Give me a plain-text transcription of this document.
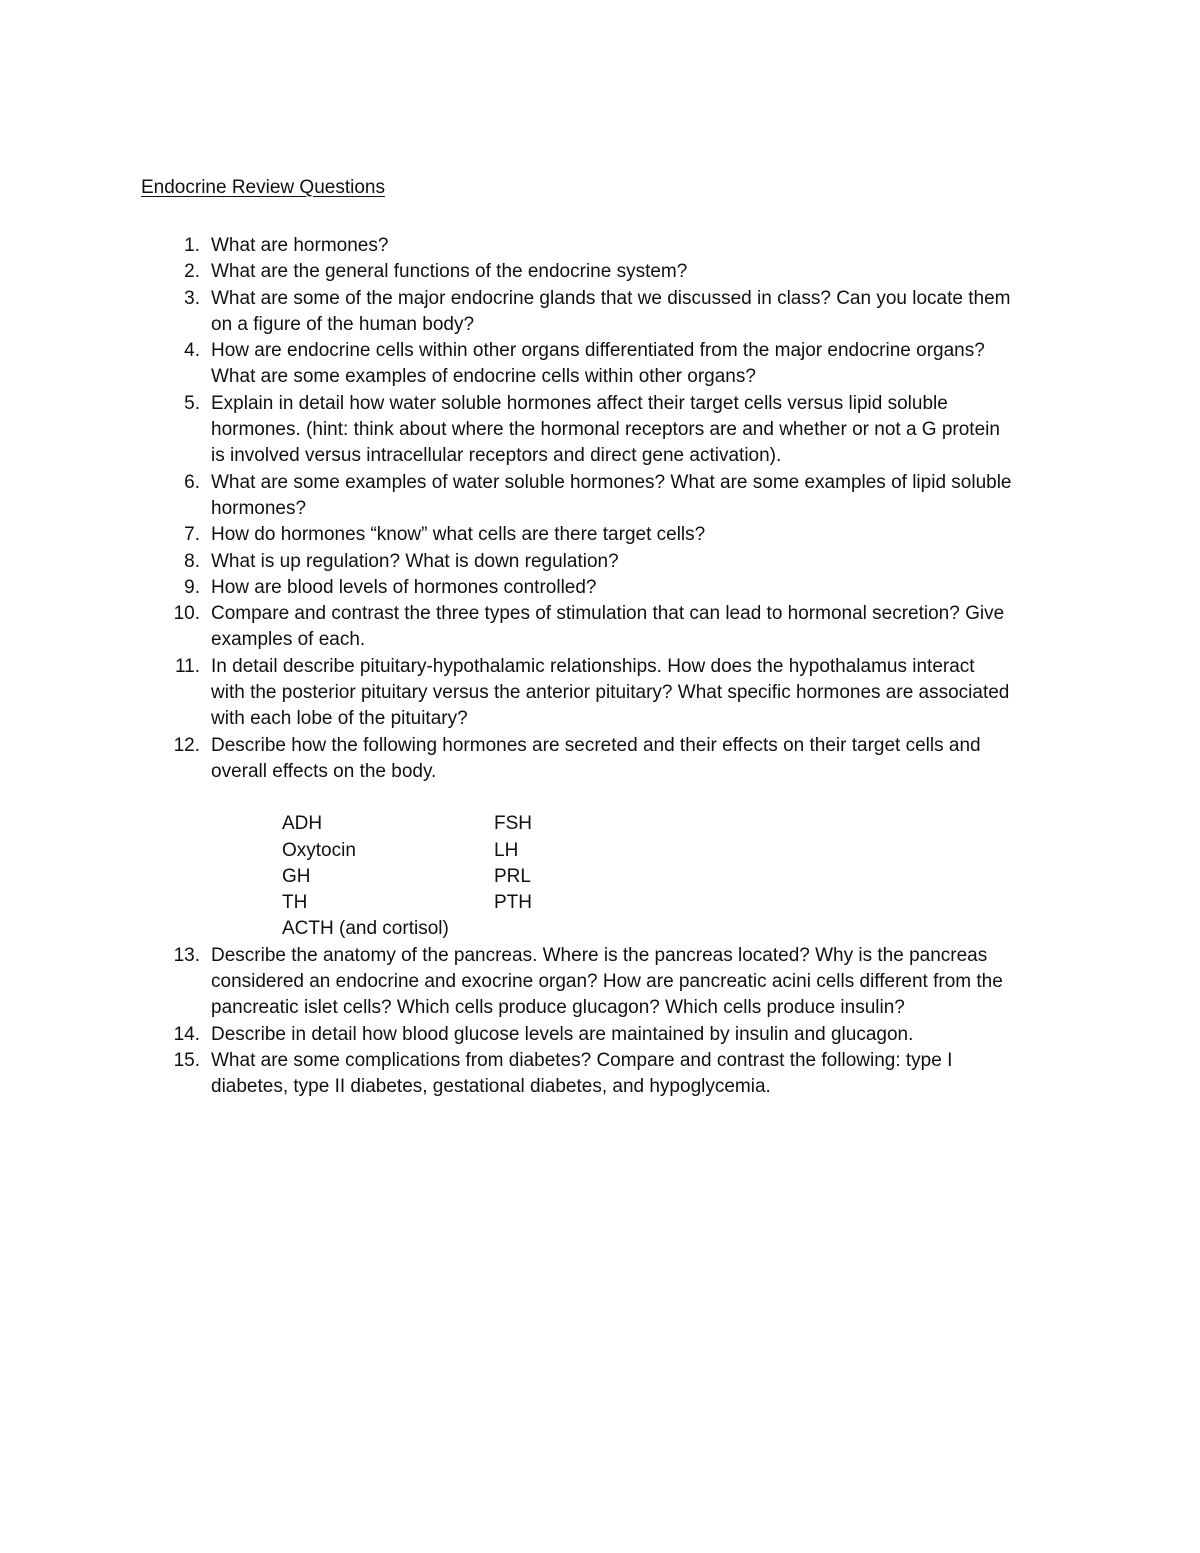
Endocrine Review Questions
1. What are hormones?
2. What are the general functions of the endocrine system?
3. What are some of the major endocrine glands that we discussed in class? Can you locate them
on a figure of the human body?
4. How are endocrine cells within other organs differentiated from the major endocrine organs?
What are some examples of endocrine cells within other organs?
5. Explain in detail how water soluble hormones affect their target cells versus lipid soluble
hormones. (hint: think about where the hormonal receptors are and whether or not a G protein
is involved versus intracellular receptors and direct gene activation).
6. What are some examples of water soluble hormones? What are some examples of lipid soluble
hormones?
7. How do hormones “know” what cells are there target cells?
8. What is up regulation? What is down regulation?
9. How are blood levels of hormones controlled?
10. Compare and contrast the three types of stimulation that can lead to hormonal secretion? Give
examples of each.
11. In detail describe pituitary-hypothalamic relationships. How does the hypothalamus interact
with the posterior pituitary versus the anterior pituitary? What specific hormones are associated
with each lobe of the pituitary?
12. Describe how the following hormones are secreted and their effects on their target cells and
overall effects on the body.
ADH	FSH
Oxytocin	LH
GH	PRL
TH	PTH
ACTH (and cortisol)	
13. Describe the anatomy of the pancreas. Where is the pancreas located? Why is the pancreas
considered an endocrine and exocrine organ? How are pancreatic acini cells different from the
pancreatic islet cells? Which cells produce glucagon? Which cells produce insulin?
14. Describe in detail how blood glucose levels are maintained by insulin and glucagon.
15. What are some complications from diabetes? Compare and contrast the following: type I
diabetes, type II diabetes, gestational diabetes, and hypoglycemia.
